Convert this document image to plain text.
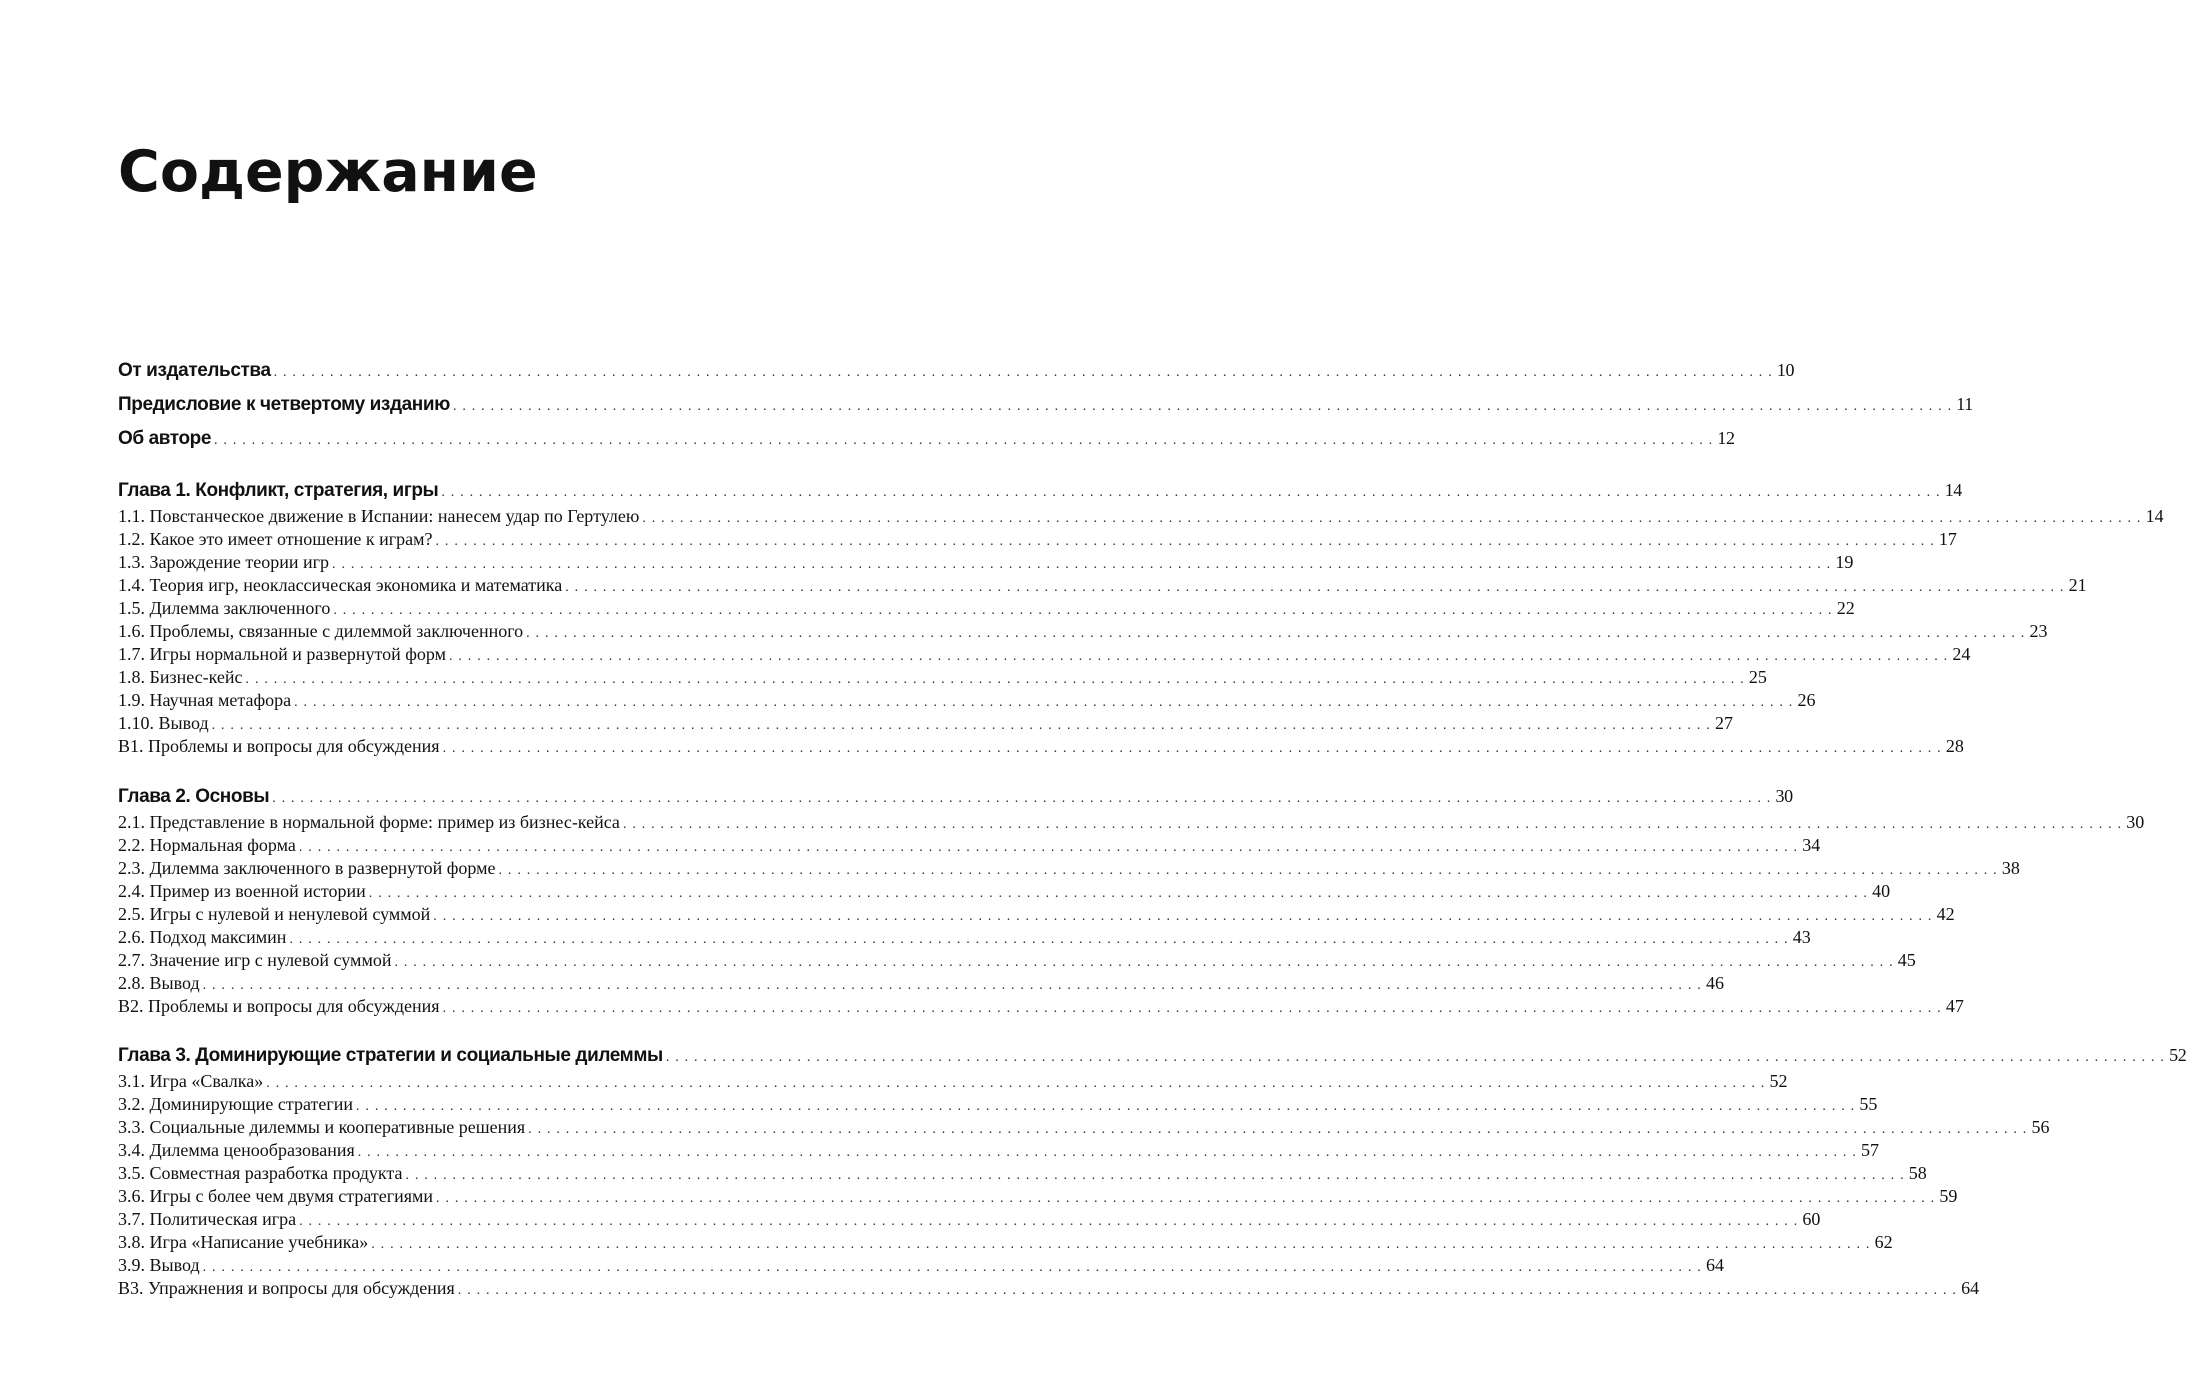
Содержание
От издательства . . . . . . . . . . . . . . . . . . . . . . . . . . . . . . . . . . . . . . . . . . . . . . . . . . . . . . . . . . . . . . . . . . . . . . . . . . . . . . . . . . . . . . . . . . . . . . . . . . . . . . . . . . . . . . . . . . . . . . . . . . . . . . . . . . . . . . . . . . . . . . . . . . . . . . . . . . . . . . . . 10
Предисловие к четвертому изданию . . . . . . . . . . . . . . . . . . . . . . . . . . . . . . . . . . . . . . . . . . . . . . . . . . . . . . . . . . . . . . . . . . . . . . . . . . . . . . . . . . . . . . . . . . . . . . . . . . . . . . . . . . . . . . . . . . . . . . . . . . . . . . . . . . . . . . . . . . . . . . . . . . . . . . . . . . . . . . . . 11
Об авторе . . . . . . . . . . . . . . . . . . . . . . . . . . . . . . . . . . . . . . . . . . . . . . . . . . . . . . . . . . . . . . . . . . . . . . . . . . . . . . . . . . . . . . . . . . . . . . . . . . . . . . . . . . . . . . . . . . . . . . . . . . . . . . . . . . . . . . . . . . . . . . . . . . . . . . . . . . . . . . . . 12
Глава 1. Конфликт, стратегия, игры . . . . . . . . . . . . . . . . . . . . . . . . . . . . . . . . . . . . . . . . . . . . . . . . . . . . . . . . . . . . . . . . . . . . . . . . . . . . . . . . . . . . . . . . . . . . . . . . . . . . . . . . . . . . . . . . . . . . . . . . . . . . . . . . . . . . . . . . . . . . . . . . . . . . . . . . . . . . . . . . 14
1.1. Повстанческое движение в Испании: нанесем удар по Гертулею . . . . . . . . . . . . . . . . . . . . . . . . . . . . . . . . . . . . . . . . . . . . . . . . . . . . . . . . . . . . . . . . . . . . . . . . . . . . . . . . . . . . . . . . . . . . . . . . . . . . . . . . . . . . . . . . . . . . . . . . . . . . . . . . . . . . . . . . . . . . . . . . . . . . . . . . . . . . . . . . 14
1.2. Какое это имеет отношение к играм? . . . . . . . . . . . . . . . . . . . . . . . . . . . . . . . . . . . . . . . . . . . . . . . . . . . . . . . . . . . . . . . . . . . . . . . . . . . . . . . . . . . . . . . . . . . . . . . . . . . . . . . . . . . . . . . . . . . . . . . . . . . . . . . . . . . . . . . . . . . . . . . . . . . . . . . . . . . . . . . . 17
1.3. Зарождение теории игр . . . . . . . . . . . . . . . . . . . . . . . . . . . . . . . . . . . . . . . . . . . . . . . . . . . . . . . . . . . . . . . . . . . . . . . . . . . . . . . . . . . . . . . . . . . . . . . . . . . . . . . . . . . . . . . . . . . . . . . . . . . . . . . . . . . . . . . . . . . . . . . . . . . . . . . . . . . . . . . . 19
1.4. Теория игр, неоклассическая экономика и математика . . . . . . . . . . . . . . . . . . . . . . . . . . . . . . . . . . . . . . . . . . . . . . . . . . . . . . . . . . . . . . . . . . . . . . . . . . . . . . . . . . . . . . . . . . . . . . . . . . . . . . . . . . . . . . . . . . . . . . . . . . . . . . . . . . . . . . . . . . . . . . . . . . . . . . . . . . . . . . . . 21
1.5. Дилемма заключенного . . . . . . . . . . . . . . . . . . . . . . . . . . . . . . . . . . . . . . . . . . . . . . . . . . . . . . . . . . . . . . . . . . . . . . . . . . . . . . . . . . . . . . . . . . . . . . . . . . . . . . . . . . . . . . . . . . . . . . . . . . . . . . . . . . . . . . . . . . . . . . . . . . . . . . . . . . . . . . . . 22
1.6. Проблемы, связанные с дилеммой заключенного . . . . . . . . . . . . . . . . . . . . . . . . . . . . . . . . . . . . . . . . . . . . . . . . . . . . . . . . . . . . . . . . . . . . . . . . . . . . . . . . . . . . . . . . . . . . . . . . . . . . . . . . . . . . . . . . . . . . . . . . . . . . . . . . . . . . . . . . . . . . . . . . . . . . . . . . . . . . . . . . 23
1.7. Игры нормальной и развернутой форм . . . . . . . . . . . . . . . . . . . . . . . . . . . . . . . . . . . . . . . . . . . . . . . . . . . . . . . . . . . . . . . . . . . . . . . . . . . . . . . . . . . . . . . . . . . . . . . . . . . . . . . . . . . . . . . . . . . . . . . . . . . . . . . . . . . . . . . . . . . . . . . . . . . . . . . . . . . . . . . . 24
1.8. Бизнес-кейс . . . . . . . . . . . . . . . . . . . . . . . . . . . . . . . . . . . . . . . . . . . . . . . . . . . . . . . . . . . . . . . . . . . . . . . . . . . . . . . . . . . . . . . . . . . . . . . . . . . . . . . . . . . . . . . . . . . . . . . . . . . . . . . . . . . . . . . . . . . . . . . . . . . . . . . . . . . . . . . . 25
1.9. Научная метафора . . . . . . . . . . . . . . . . . . . . . . . . . . . . . . . . . . . . . . . . . . . . . . . . . . . . . . . . . . . . . . . . . . . . . . . . . . . . . . . . . . . . . . . . . . . . . . . . . . . . . . . . . . . . . . . . . . . . . . . . . . . . . . . . . . . . . . . . . . . . . . . . . . . . . . . . . . . . . . . . 26
1.10. Вывод . . . . . . . . . . . . . . . . . . . . . . . . . . . . . . . . . . . . . . . . . . . . . . . . . . . . . . . . . . . . . . . . . . . . . . . . . . . . . . . . . . . . . . . . . . . . . . . . . . . . . . . . . . . . . . . . . . . . . . . . . . . . . . . . . . . . . . . . . . . . . . . . . . . . . . . . . . . . . . . . 27
В1. Проблемы и вопросы для обсуждения . . . . . . . . . . . . . . . . . . . . . . . . . . . . . . . . . . . . . . . . . . . . . . . . . . . . . . . . . . . . . . . . . . . . . . . . . . . . . . . . . . . . . . . . . . . . . . . . . . . . . . . . . . . . . . . . . . . . . . . . . . . . . . . . . . . . . . . . . . . . . . . . . . . . . . . . . . . . . . . . 28
Глава 2. Основы . . . . . . . . . . . . . . . . . . . . . . . . . . . . . . . . . . . . . . . . . . . . . . . . . . . . . . . . . . . . . . . . . . . . . . . . . . . . . . . . . . . . . . . . . . . . . . . . . . . . . . . . . . . . . . . . . . . . . . . . . . . . . . . . . . . . . . . . . . . . . . . . . . . . . . . . . . . . . . . . 30
2.1. Представление в нормальной форме: пример из бизнес-кейса . . . . . . . . . . . . . . . . . . . . . . . . . . . . . . . . . . . . . . . . . . . . . . . . . . . . . . . . . . . . . . . . . . . . . . . . . . . . . . . . . . . . . . . . . . . . . . . . . . . . . . . . . . . . . . . . . . . . . . . . . . . . . . . . . . . . . . . . . . . . . . . . . . . . . . . . . . . . . . . . 30
2.2. Нормальная форма . . . . . . . . . . . . . . . . . . . . . . . . . . . . . . . . . . . . . . . . . . . . . . . . . . . . . . . . . . . . . . . . . . . . . . . . . . . . . . . . . . . . . . . . . . . . . . . . . . . . . . . . . . . . . . . . . . . . . . . . . . . . . . . . . . . . . . . . . . . . . . . . . . . . . . . . . . . . . . . . 34
2.3. Дилемма заключенного в развернутой форме . . . . . . . . . . . . . . . . . . . . . . . . . . . . . . . . . . . . . . . . . . . . . . . . . . . . . . . . . . . . . . . . . . . . . . . . . . . . . . . . . . . . . . . . . . . . . . . . . . . . . . . . . . . . . . . . . . . . . . . . . . . . . . . . . . . . . . . . . . . . . . . . . . . . . . . . . . . . . . . . 38
2.4. Пример из военной истории . . . . . . . . . . . . . . . . . . . . . . . . . . . . . . . . . . . . . . . . . . . . . . . . . . . . . . . . . . . . . . . . . . . . . . . . . . . . . . . . . . . . . . . . . . . . . . . . . . . . . . . . . . . . . . . . . . . . . . . . . . . . . . . . . . . . . . . . . . . . . . . . . . . . . . . . . . . . . . . . 40
2.5. Игры с нулевой и ненулевой суммой . . . . . . . . . . . . . . . . . . . . . . . . . . . . . . . . . . . . . . . . . . . . . . . . . . . . . . . . . . . . . . . . . . . . . . . . . . . . . . . . . . . . . . . . . . . . . . . . . . . . . . . . . . . . . . . . . . . . . . . . . . . . . . . . . . . . . . . . . . . . . . . . . . . . . . . . . . . . . . . . 42
2.6. Подход максимин . . . . . . . . . . . . . . . . . . . . . . . . . . . . . . . . . . . . . . . . . . . . . . . . . . . . . . . . . . . . . . . . . . . . . . . . . . . . . . . . . . . . . . . . . . . . . . . . . . . . . . . . . . . . . . . . . . . . . . . . . . . . . . . . . . . . . . . . . . . . . . . . . . . . . . . . . . . . . . . . 43
2.7. Значение игр с нулевой суммой . . . . . . . . . . . . . . . . . . . . . . . . . . . . . . . . . . . . . . . . . . . . . . . . . . . . . . . . . . . . . . . . . . . . . . . . . . . . . . . . . . . . . . . . . . . . . . . . . . . . . . . . . . . . . . . . . . . . . . . . . . . . . . . . . . . . . . . . . . . . . . . . . . . . . . . . . . . . . . . . 45
2.8. Вывод . . . . . . . . . . . . . . . . . . . . . . . . . . . . . . . . . . . . . . . . . . . . . . . . . . . . . . . . . . . . . . . . . . . . . . . . . . . . . . . . . . . . . . . . . . . . . . . . . . . . . . . . . . . . . . . . . . . . . . . . . . . . . . . . . . . . . . . . . . . . . . . . . . . . . . . . . . . . . . . . 46
В2. Проблемы и вопросы для обсуждения . . . . . . . . . . . . . . . . . . . . . . . . . . . . . . . . . . . . . . . . . . . . . . . . . . . . . . . . . . . . . . . . . . . . . . . . . . . . . . . . . . . . . . . . . . . . . . . . . . . . . . . . . . . . . . . . . . . . . . . . . . . . . . . . . . . . . . . . . . . . . . . . . . . . . . . . . . . . . . . . 47
Глава 3. Доминирующие стратегии и социальные дилеммы . . . . . . . . . . . . . . . . . . . . . . . . . . . . . . . . . . . . . . . . . . . . . . . . . . . . . . . . . . . . . . . . . . . . . . . . . . . . . . . . . . . . . . . . . . . . . . . . . . . . . . . . . . . . . . . . . . . . . . . . . . . . . . . . . . . . . . . . . . . . . . . . . . . . . . . . . . . . . . . . 52
3.1. Игра «Свалка» . . . . . . . . . . . . . . . . . . . . . . . . . . . . . . . . . . . . . . . . . . . . . . . . . . . . . . . . . . . . . . . . . . . . . . . . . . . . . . . . . . . . . . . . . . . . . . . . . . . . . . . . . . . . . . . . . . . . . . . . . . . . . . . . . . . . . . . . . . . . . . . . . . . . . . . . . . . . . . . . 52
3.2. Доминирующие стратегии . . . . . . . . . . . . . . . . . . . . . . . . . . . . . . . . . . . . . . . . . . . . . . . . . . . . . . . . . . . . . . . . . . . . . . . . . . . . . . . . . . . . . . . . . . . . . . . . . . . . . . . . . . . . . . . . . . . . . . . . . . . . . . . . . . . . . . . . . . . . . . . . . . . . . . . . . . . . . . . . 55
3.3. Социальные дилеммы и кооперативные решения . . . . . . . . . . . . . . . . . . . . . . . . . . . . . . . . . . . . . . . . . . . . . . . . . . . . . . . . . . . . . . . . . . . . . . . . . . . . . . . . . . . . . . . . . . . . . . . . . . . . . . . . . . . . . . . . . . . . . . . . . . . . . . . . . . . . . . . . . . . . . . . . . . . . . . . . . . . . . . . . 56
3.4. Дилемма ценообразования . . . . . . . . . . . . . . . . . . . . . . . . . . . . . . . . . . . . . . . . . . . . . . . . . . . . . . . . . . . . . . . . . . . . . . . . . . . . . . . . . . . . . . . . . . . . . . . . . . . . . . . . . . . . . . . . . . . . . . . . . . . . . . . . . . . . . . . . . . . . . . . . . . . . . . . . . . . . . . . . 57
3.5. Совместная разработка продукта . . . . . . . . . . . . . . . . . . . . . . . . . . . . . . . . . . . . . . . . . . . . . . . . . . . . . . . . . . . . . . . . . . . . . . . . . . . . . . . . . . . . . . . . . . . . . . . . . . . . . . . . . . . . . . . . . . . . . . . . . . . . . . . . . . . . . . . . . . . . . . . . . . . . . . . . . . . . . . . . 58
3.6. Игры с более чем двумя стратегиями . . . . . . . . . . . . . . . . . . . . . . . . . . . . . . . . . . . . . . . . . . . . . . . . . . . . . . . . . . . . . . . . . . . . . . . . . . . . . . . . . . . . . . . . . . . . . . . . . . . . . . . . . . . . . . . . . . . . . . . . . . . . . . . . . . . . . . . . . . . . . . . . . . . . . . . . . . . . . . . . 59
3.7. Политическая игра . . . . . . . . . . . . . . . . . . . . . . . . . . . . . . . . . . . . . . . . . . . . . . . . . . . . . . . . . . . . . . . . . . . . . . . . . . . . . . . . . . . . . . . . . . . . . . . . . . . . . . . . . . . . . . . . . . . . . . . . . . . . . . . . . . . . . . . . . . . . . . . . . . . . . . . . . . . . . . . . 60
3.8. Игра «Написание учебника» . . . . . . . . . . . . . . . . . . . . . . . . . . . . . . . . . . . . . . . . . . . . . . . . . . . . . . . . . . . . . . . . . . . . . . . . . . . . . . . . . . . . . . . . . . . . . . . . . . . . . . . . . . . . . . . . . . . . . . . . . . . . . . . . . . . . . . . . . . . . . . . . . . . . . . . . . . . . . . . . 62
3.9. Вывод . . . . . . . . . . . . . . . . . . . . . . . . . . . . . . . . . . . . . . . . . . . . . . . . . . . . . . . . . . . . . . . . . . . . . . . . . . . . . . . . . . . . . . . . . . . . . . . . . . . . . . . . . . . . . . . . . . . . . . . . . . . . . . . . . . . . . . . . . . . . . . . . . . . . . . . . . . . . . . . . 64
В3. Упражнения и вопросы для обсуждения . . . . . . . . . . . . . . . . . . . . . . . . . . . . . . . . . . . . . . . . . . . . . . . . . . . . . . . . . . . . . . . . . . . . . . . . . . . . . . . . . . . . . . . . . . . . . . . . . . . . . . . . . . . . . . . . . . . . . . . . . . . . . . . . . . . . . . . . . . . . . . . . . . . . . . . . . . . . . . . . 64
